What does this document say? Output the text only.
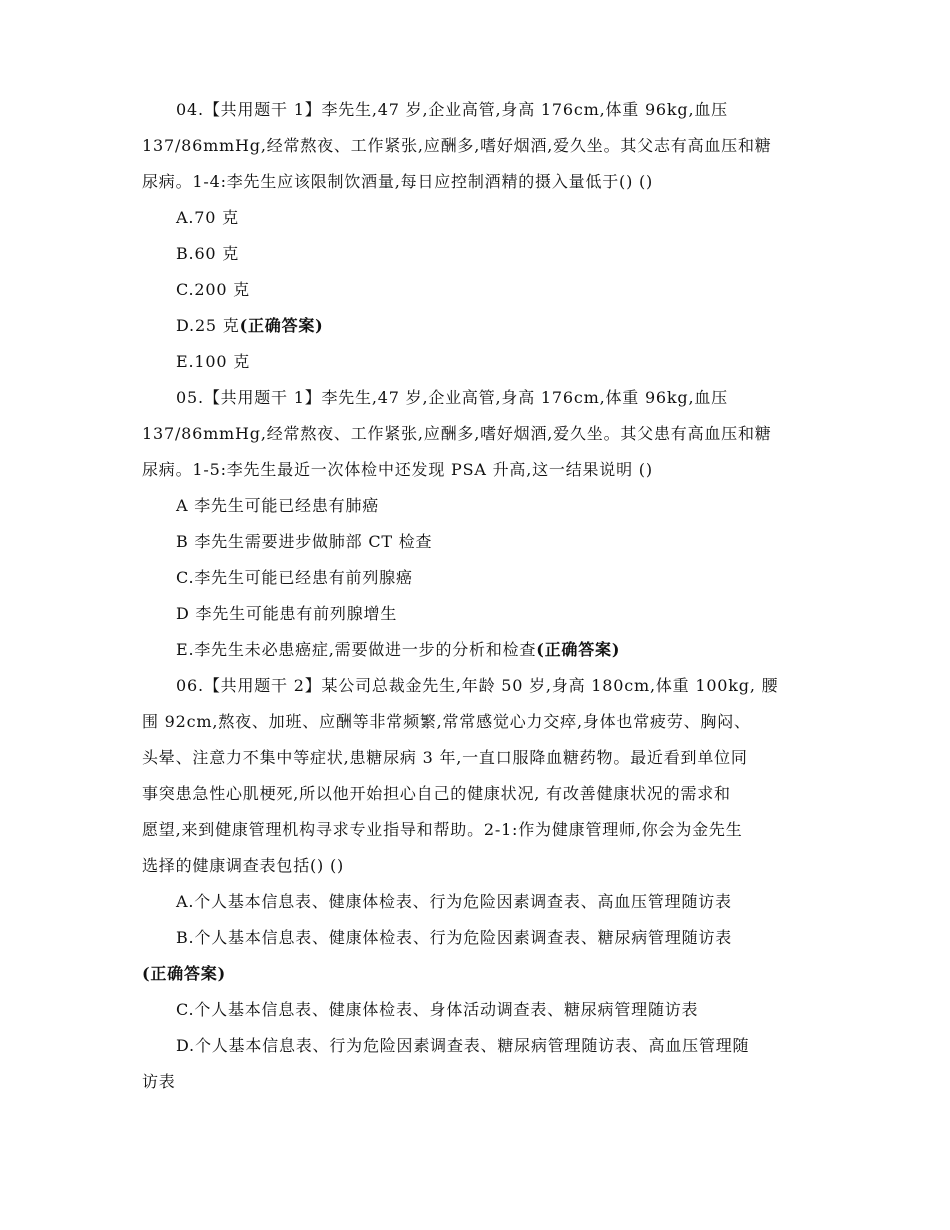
04.【共用题干 1】李先生,47 岁,企业高管,身高 176cm,体重 96kg,血压
137/86mmHg,经常熬夜、工作紧张,应酬多,嗜好烟酒,爱久坐。其父志有高血压和糖
尿病。1-4:李先生应该限制饮酒量,每日应控制酒精的摄入量低于() ()
A.70 克
B.60 克
C.200 克
D.25 克(正确答案)
E.100 克
05.【共用题干 1】李先生,47 岁,企业高管,身高 176cm,体重 96kg,血压
137/86mmHg,经常熬夜、工作紧张,应酬多,嗜好烟酒,爱久坐。其父患有高血压和糖
尿病。1-5:李先生最近一次体检中还发现 PSA 升高,这一结果说明 ()
A 李先生可能已经患有肺癌
B 李先生需要进步做肺部 CT 检查
C.李先生可能已经患有前列腺癌
D 李先生可能患有前列腺增生
E.李先生未必患癌症,需要做进一步的分析和检查(正确答案)
06.【共用题干 2】某公司总裁金先生,年龄 50 岁,身高 180cm,体重 100kg, 腰
围 92cm,熬夜、加班、应酬等非常频繁,常常感觉心力交瘁,身体也常疲劳、胸闷、
头晕、注意力不集中等症状,患糖尿病 3 年,一直口服降血糖药物。最近看到单位同
事突患急性心肌梗死,所以他开始担心自己的健康状况, 有改善健康状况的需求和
愿望,来到健康管理机构寻求专业指导和帮助。2-1:作为健康管理师,你会为金先生
选择的健康调查表包括() ()
A.个人基本信息表、健康体检表、行为危险因素调查表、高血压管理随访表
B.个人基本信息表、健康体检表、行为危险因素调查表、糖尿病管理随访表
(正确答案)
C.个人基本信息表、健康体检表、身体活动调查表、糖尿病管理随访表
D.个人基本信息表、行为危险因素调查表、糖尿病管理随访表、高血压管理随
访表
